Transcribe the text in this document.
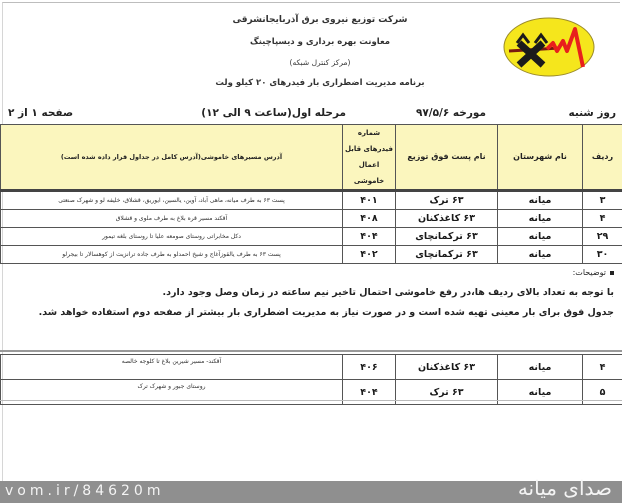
شرکت توزیع نیروی برق آذربایجانشرقی
معاونت بهره برداری و دیسپاچینگ
(مرکز کنترل شبکه)
برنامه مدیریت اضطراری بار فیدرهای ۲۰ کیلو ولت
روز شنبه
مورخه ۹۷/۵/۶
مرحله اول(ساعت ۹ الی ۱۲)
صفحه ۱ از ۲
ردیف	نام شهرستان	نام پست فوق توزیع	شماره فیدرهای قابل اعمال خاموشی	آدرس مسیرهای خاموشی(آدرس کامل در جداول قرار داده شده است)
۳	میانه	۶۳ ترک	۴۰۱	پست ۶۳ به طرف میانه، ماهی آباد، آوین، یالسین، ایوریق، قشلاق، خلیفه لو و شهرک صنعتی
۴	میانه	۶۳ کاغذکنان	۴۰۸	آقکند مسیر قره بلاغ به طرف ملوی و قشلاق
۲۹	میانه	۶۳ ترکمانچای	۴۰۴	دکل مخابراتی روستای صومعه علیا تا روستای بلغه تیمور
۳۰	میانه	۶۳ ترکمانچای	۴۰۲	پست ۶۳ به طرف یالقوزآغاج و شیخ احمدلو به طرف جاده ترانزیت از کوهسالار تا بیجرلو
توضیحات:

با توجه به تعداد بالای ردیف ها،در رفع خاموشی احتمال تاخیر نیم ساعته در زمان وصل وجود دارد.

جدول فوق برای بار معینی تهیه شده است و در صورت نیاز به مدیریت اضطراری بار بیشتر از صفحه دوم استفاده خواهد شد.

۴	میانه	۶۳ کاغذکنان	۴۰۶	آقکند- مسیر شیرین بلاغ تا کلوجه خالصه
۵	میانه	۶۳ ترک	۴۰۴	روستای جبور و شهرک ترک
vom.ir/84620m	صدای میانه
